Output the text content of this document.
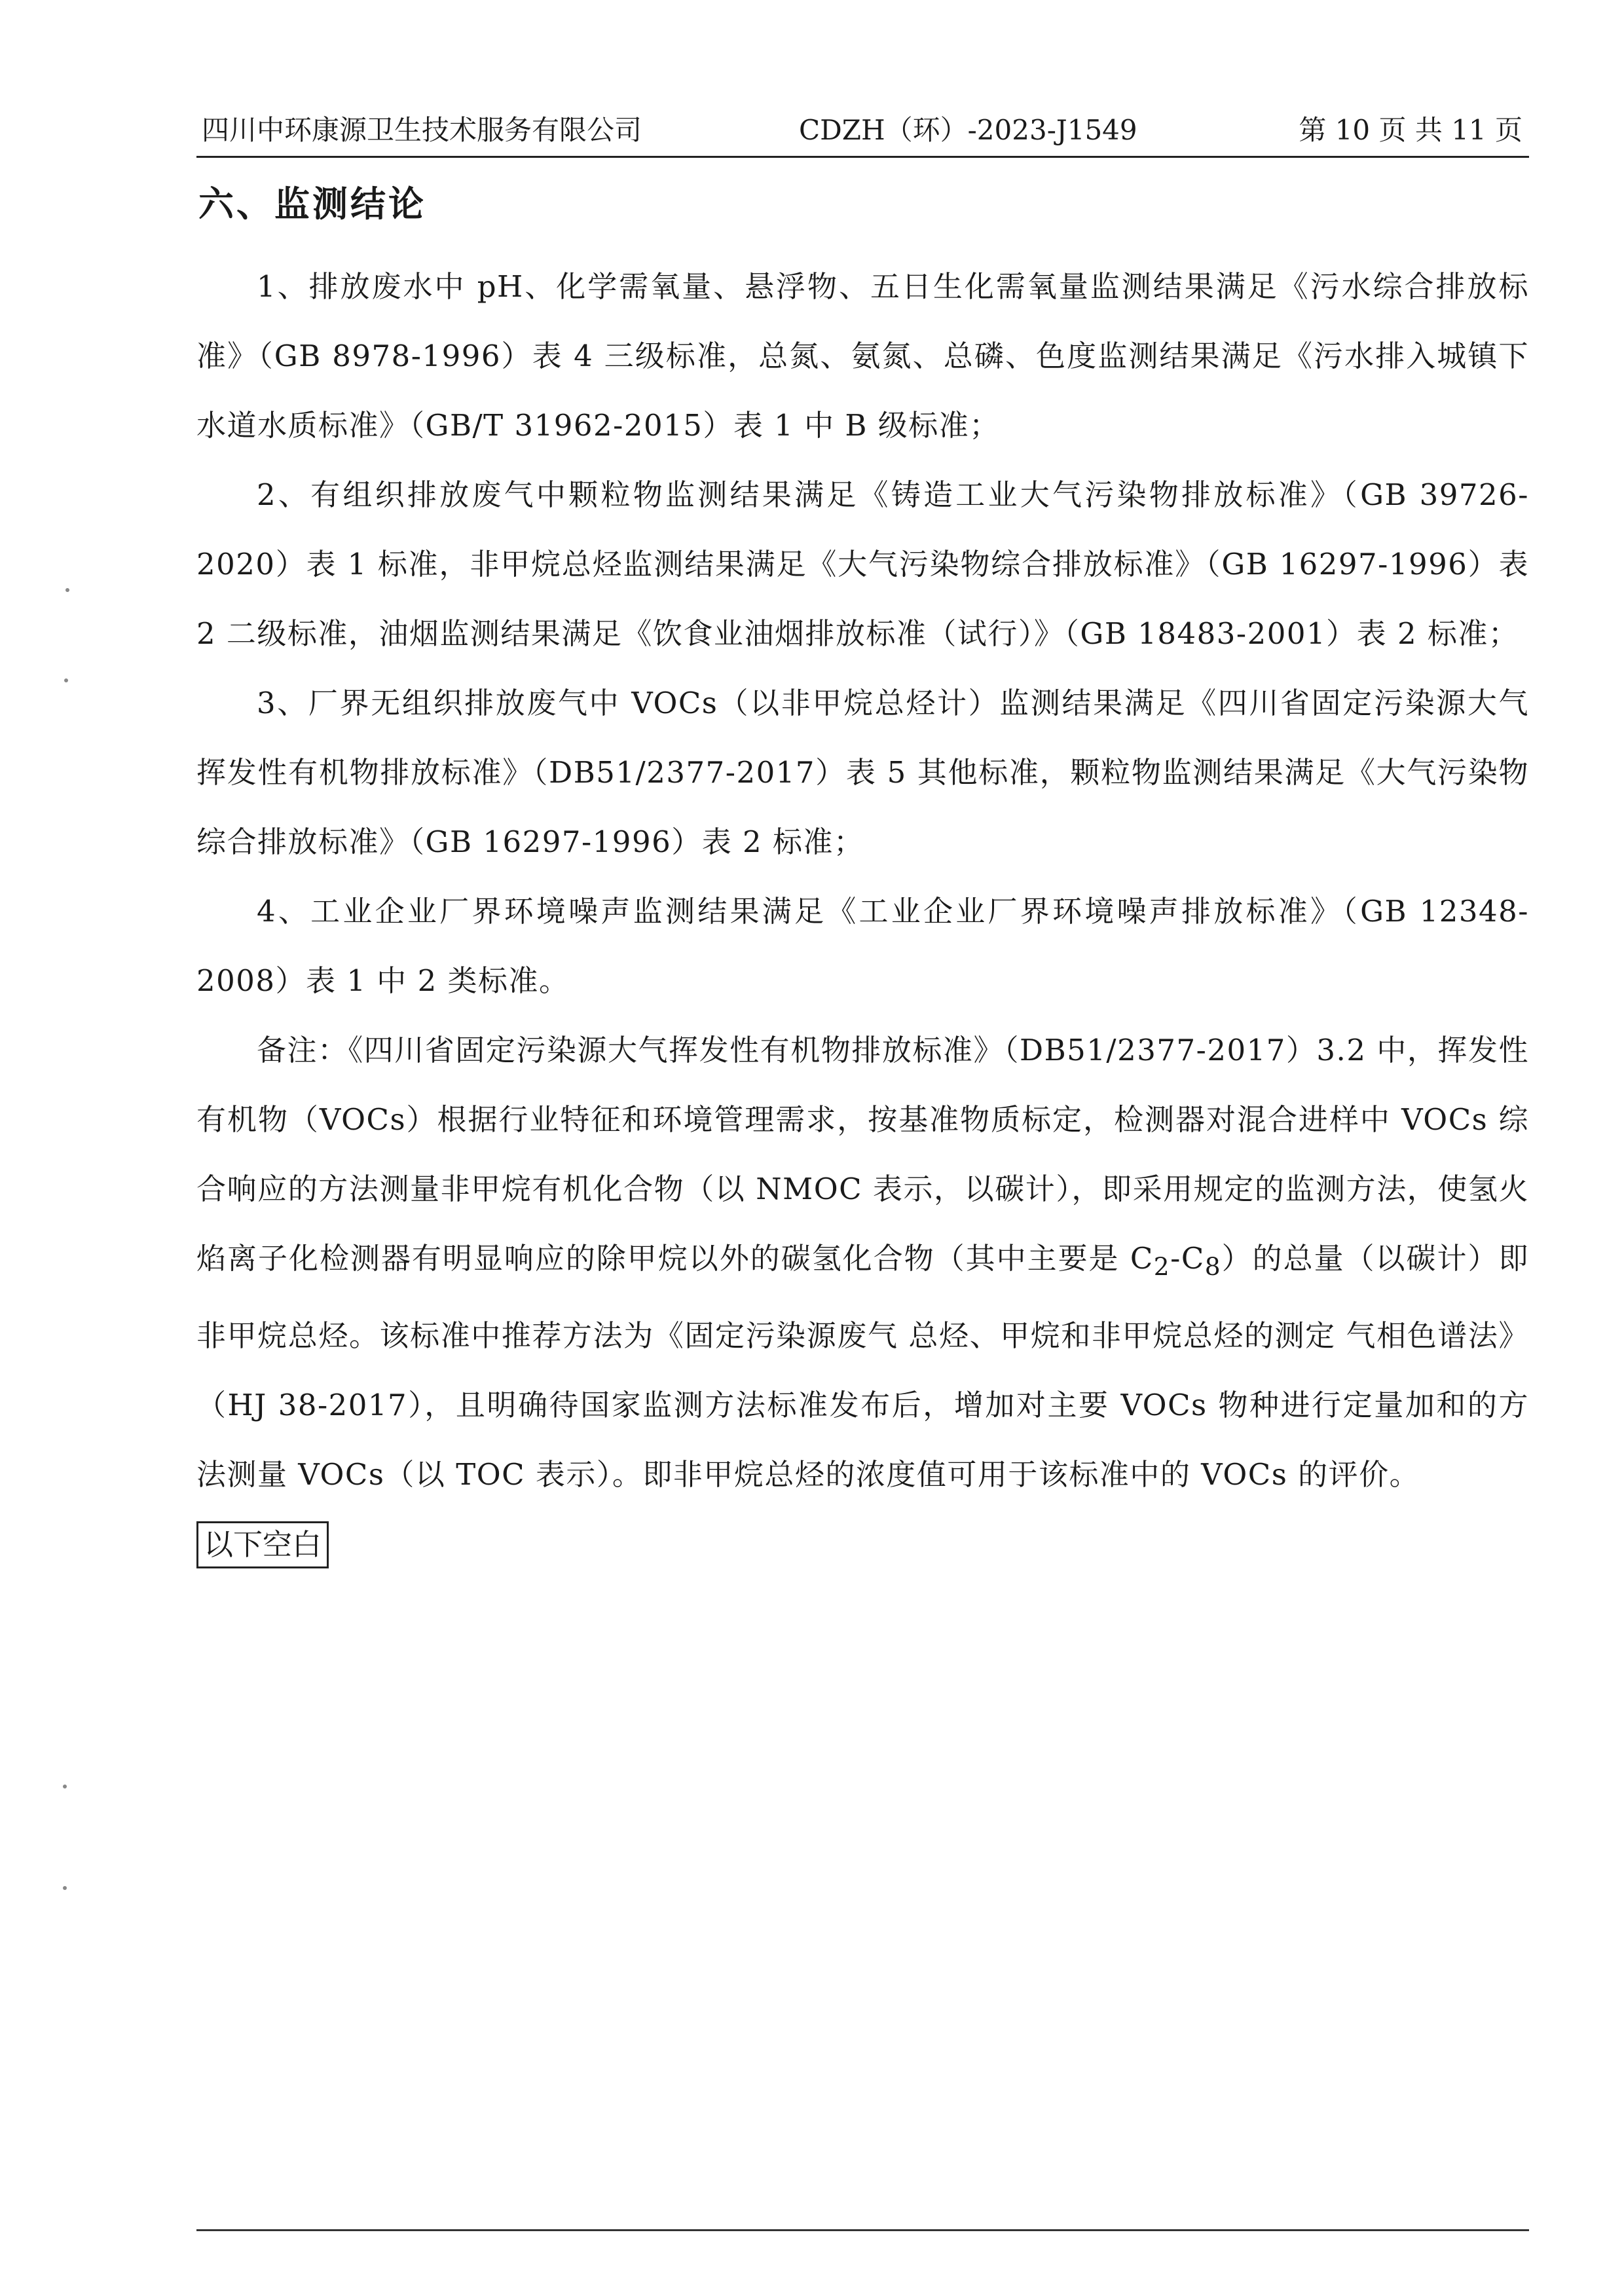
四川中环康源卫生技术服务有限公司	CDZH（环）-2023-J1549	第 10 页 共 11 页
六、监测结论

1、排放废水中 pH、化学需氧量、悬浮物、五日生化需氧量监测结果满足《污水综合排放标准》（GB 8978-1996）表 4 三级标准，总氮、氨氮、总磷、色度监测结果满足《污水排入城镇下水道水质标准》（GB/T 31962-2015）表 1 中 B 级标准；

2、有组织排放废气中颗粒物监测结果满足《铸造工业大气污染物排放标准》（GB 39726-2020）表 1 标准，非甲烷总烃监测结果满足《大气污染物综合排放标准》（GB 16297-1996）表 2 二级标准，油烟监测结果满足《饮食业油烟排放标准（试行）》（GB 18483-2001）表 2 标准；

3、厂界无组织排放废气中 VOCs（以非甲烷总烃计）监测结果满足《四川省固定污染源大气挥发性有机物排放标准》（DB51/2377-2017）表 5 其他标准，颗粒物监测结果满足《大气污染物综合排放标准》（GB 16297-1996）表 2 标准；

4、工业企业厂界环境噪声监测结果满足《工业企业厂界环境噪声排放标准》（GB 12348-2008）表 1 中 2 类标准。

备注：《四川省固定污染源大气挥发性有机物排放标准》（DB51/2377-2017）3.2 中，挥发性有机物（VOCs）根据行业特征和环境管理需求，按基准物质标定，检测器对混合进样中 VOCs 综合响应的方法测量非甲烷有机化合物（以 NMOC 表示，以碳计），即采用规定的监测方法，使氢火焰离子化检测器有明显响应的除甲烷以外的碳氢化合物（其中主要是 $C_2-C_8$）的总量（以碳计）即非甲烷总烃。该标准中推荐方法为《固定污染源废气 总烃、甲烷和非甲烷总烃的测定 气相色谱法》（HJ 38-2017），且明确待国家监测方法标准发布后，增加对主要 VOCs 物种进行定量加和的方法测量 VOCs（以 TOC 表示）。即非甲烷总烃的浓度值可用于该标准中的 VOCs 的评价。

以下空白
